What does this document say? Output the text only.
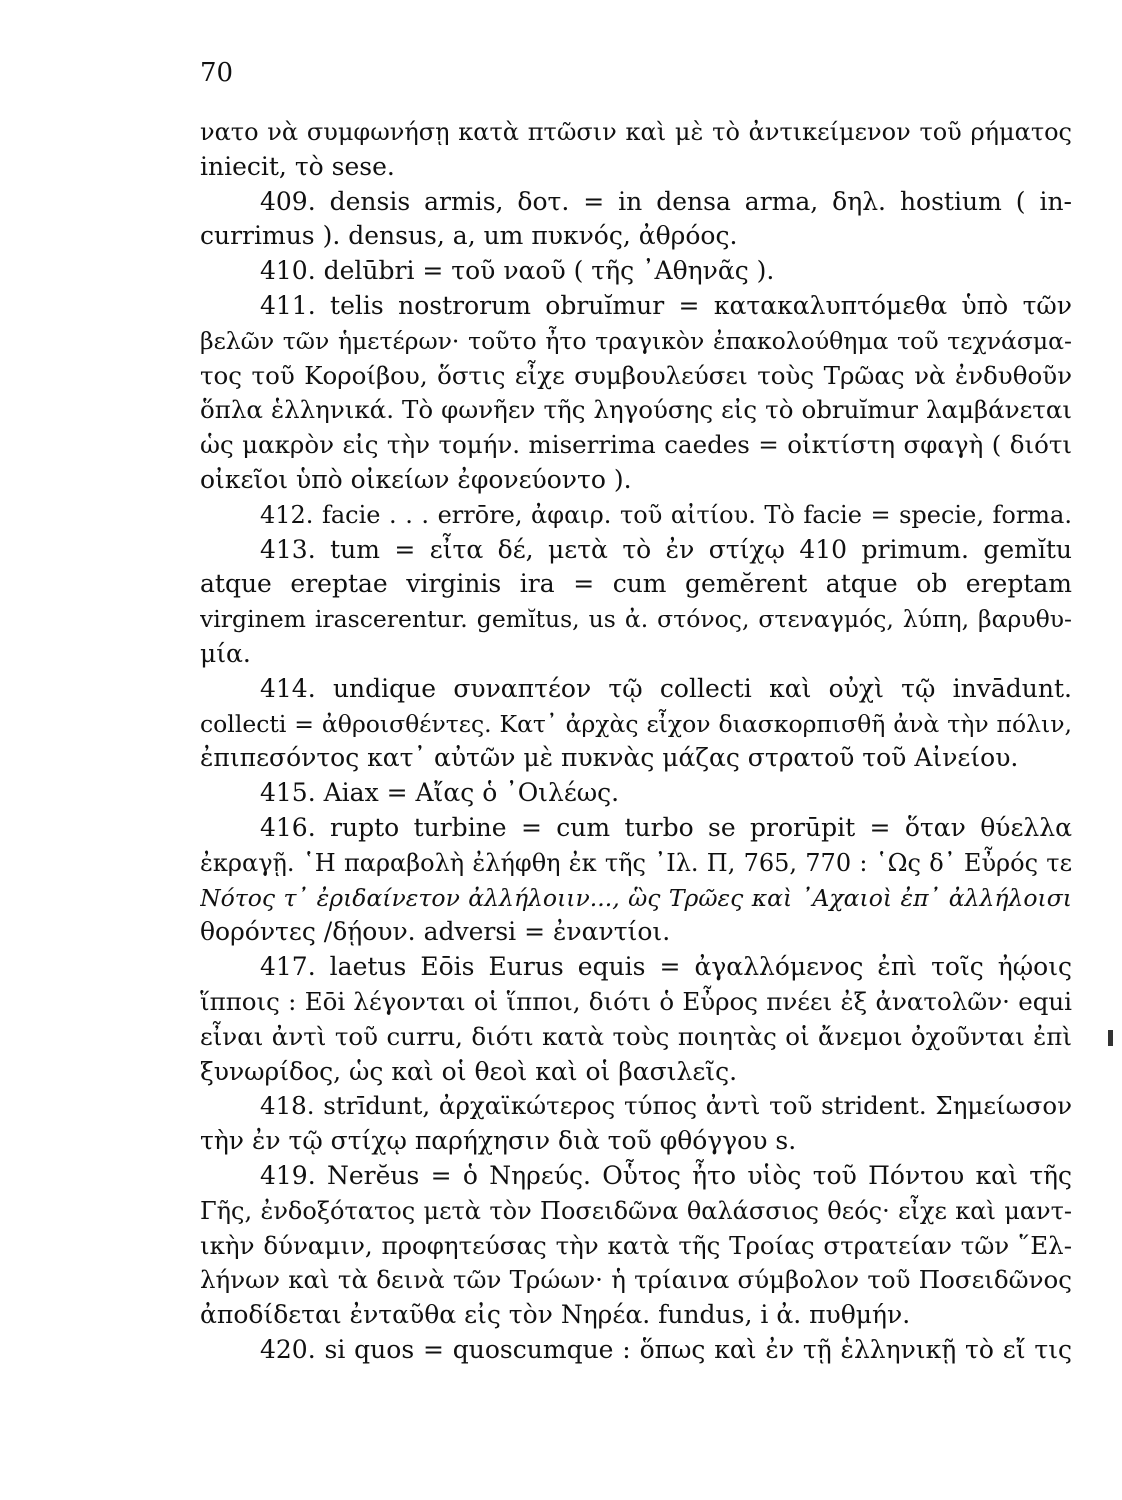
70
νατο νὰ συμφωνήσῃ κατὰ πτῶσιν καὶ μὲ τὸ ἀντικείμενον τοῦ ρήματος
iniecit, τὸ sese.
409. densis armis, δοτ. = in densa arma, δηλ. hostium ( in-
currimus ). densus, a, um πυκνός, ἀθρόος.
410. delūbri = τοῦ ναοῦ ( τῆς ᾿Αθηνᾶς ).
411. telis nostrorum obruĭmur = κατακαλυπτόμεθα ὑπὸ τῶν
βελῶν τῶν ἡμετέρων· τοῦτο ἦτο τραγικὸν ἐπακολούθημα τοῦ τεχνάσμα-
τος τοῦ Κοροίβου, ὅστις εἶχε συμβουλεύσει τοὺς Τρῶας νὰ ἐνδυθοῦν
ὅπλα ἑλληνικά. Τὸ φωνῆεν τῆς ληγούσης εἰς τὸ obruĭmur λαμβάνεται
ὡς μακρὸν εἰς τὴν τομήν. miserrima caedes = οἰκτίστη σφαγὴ ( διότι
οἰκεῖοι ὑπὸ οἰκείων ἐφονεύοντο ).
412. facie . . . errōre, ἀφαιρ. τοῦ αἰτίου. Τὸ facie = specie, forma.
413. tum = εἶτα δέ, μετὰ τὸ ἐν στίχῳ 410 primum. gemĭtu
atque ereptae virginis ira = cum gemĕrent atque ob ereptam
virginem irascerentur. gemĭtus, us ἀ. στόνος, στεναγμός, λύπη, βαρυθυ-
μία.
414. undique συναπτέον τῷ collecti καὶ οὐχὶ τῷ invādunt.
collecti = ἀθροισθέντες. Κατ᾿ ἀρχὰς εἶχον διασκορπισθῆ ἀνὰ τὴν πόλιν,
ἐπιπεσόντος κατ᾿ αὐτῶν μὲ πυκνὰς μάζας στρατοῦ τοῦ Αἰνείου.
415. Aiax = Αἴας ὁ ᾿Οιλέως.
416. rupto turbine = cum turbo se prorūpit = ὅταν θύελλα
ἐκραγῇ. ῾Η παραβολὴ ἐλήφθη ἐκ τῆς ᾿Ιλ. Π, 765, 770 : ῾Ως δ᾿ Εὖρός τε
Νότος τ᾿ ἐριδαίνετον ἀλλήλοιιν..., ὣς Τρῶες καὶ ᾿Αχαιοὶ ἐπ᾿ ἀλλήλοισι
θορόντες /δῄουν. adversi = ἐναντίοι.
417. laetus Eōis Eurus equis = ἀγαλλόμενος ἐπὶ τοῖς ἠῴοις
ἵπποις : Eōi λέγονται οἱ ἵπποι, διότι ὁ Εὖρος πνέει ἐξ ἀνατολῶν· equi
εἶναι ἀντὶ τοῦ curru, διότι κατὰ τοὺς ποιητὰς οἱ ἄνεμοι ὀχοῦνται ἐπὶ
ξυνωρίδος, ὡς καὶ οἱ θεοὶ καὶ οἱ βασιλεῖς.
418. strīdunt, ἀρχαϊκώτερος τύπος ἀντὶ τοῦ strident. Σημείωσον
τὴν ἐν τῷ στίχῳ παρήχησιν διὰ τοῦ φθόγγου s.
419. Nerĕus = ὁ Νηρεύς. Οὗτος ἦτο υἱὸς τοῦ Πόντου καὶ τῆς
Γῆς, ἐνδοξότατος μετὰ τὸν Ποσειδῶνα θαλάσσιος θεός· εἶχε καὶ μαντ-
ικὴν δύναμιν, προφητεύσας τὴν κατὰ τῆς Τροίας στρατείαν τῶν ῞Ελ-
λήνων καὶ τὰ δεινὰ τῶν Τρώων· ἡ τρίαινα σύμβολον τοῦ Ποσειδῶνος
ἀποδίδεται ἐνταῦθα εἰς τὸν Νηρέα. fundus, i ἀ. πυθμήν.
420. si quos = quoscumque : ὅπως καὶ ἐν τῇ ἑλληνικῇ τὸ εἴ τις
